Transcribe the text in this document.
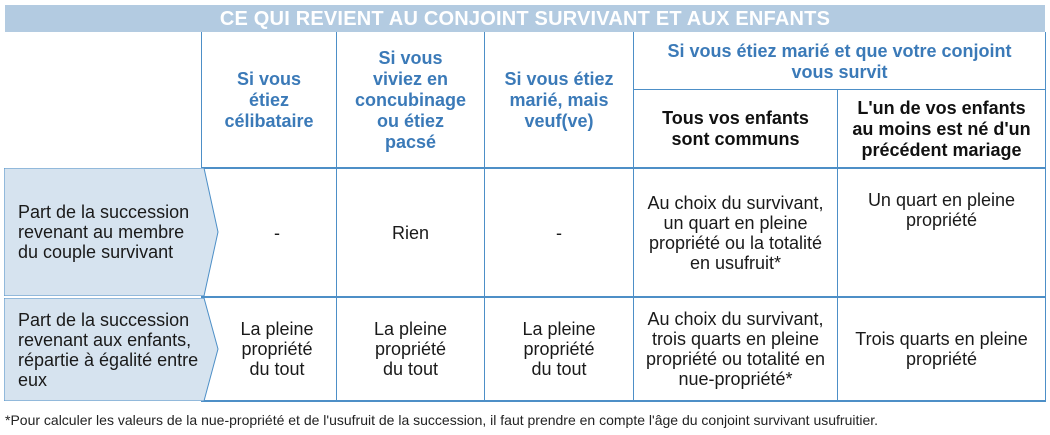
CE QUI REVIENT AU CONJOINT SURVIVANT ET AUX ENFANTS
Si vous étiez célibataire
Si vous viviez en concubinage ou étiez pacsé
Si vous étiez marié, mais veuf(ve)
Si vous étiez marié et que votre conjoint vous survit
Tous vos enfants sont communs
L'un de vos enfants au moins est né d'un précédent mariage
Part de la succession revenant au membre du couple survivant
-	Rien	-
Au choix du survivant, un quart en pleine propriété ou la totalité en usufruit*
Un quart en pleine propriété
Part de la succession revenant aux enfants, répartie à égalité entre eux
La pleine propriété du tout
La pleine propriété du tout
La pleine propriété du tout
Au choix du survivant, trois quarts en pleine propriété ou totalité en nue-propriété*
Trois quarts en pleine propriété
*Pour calculer les valeurs de la nue-propriété et de l'usufruit de la succession, il faut prendre en compte l'âge du conjoint survivant usufruitier.
